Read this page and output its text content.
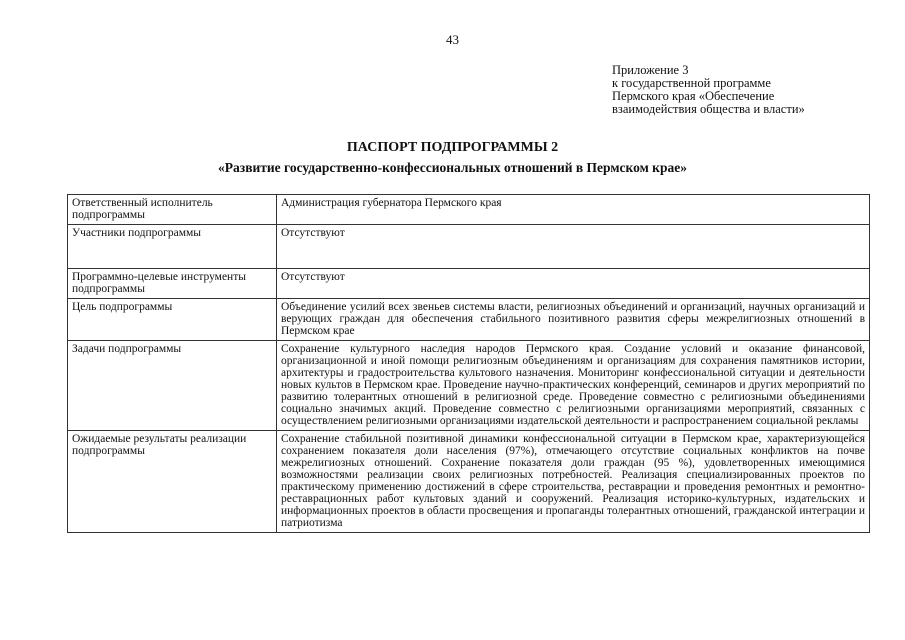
43
Приложение 3
к государственной программе
Пермского края «Обеспечение
взаимодействия общества и власти»
ПАСПОРТ ПОДПРОГРАММЫ 2
«Развитие государственно-конфессиональных отношений в Пермском крае»
Ответственный исполнитель подпрограммы	Администрация губернатора Пермского края
Участники подпрограммы	Отсутствуют
Программно-целевые инструменты подпрограммы	Отсутствуют
Цель подпрограммы	Объединение усилий всех звеньев системы власти, религиозных объединений и организаций, научных организаций и верующих граждан для обеспечения стабильного позитивного развития сферы межрелигиозных отношений в Пермском крае
Задачи подпрограммы	Сохранение культурного наследия народов Пермского края. Создание условий и оказание финансовой, организационной и иной помощи религиозным объединениям и организациям для сохранения памятников истории, архитектуры и градостроительства культового назначения. Мониторинг конфессиональной ситуации и деятельности новых культов в Пермском крае. Проведение научно-практических конференций, семинаров и других мероприятий по развитию толерантных отношений в религиозной среде. Проведение совместно с религиозными объединениями социально значимых акций. Проведение совместно с религиозными организациями мероприятий, связанных с осуществлением религиозными организациями издательской деятельности и распространением социальной рекламы
Ожидаемые результаты реализации подпрограммы	Сохранение стабильной позитивной динамики конфессиональной ситуации в Пермском крае, характеризующейся сохранением показателя доли населения (97%), отмечающего отсутствие социальных конфликтов на почве межрелигиозных отношений. Сохранение показателя доли граждан (95 %), удовлетворенных имеющимися возможностями реализации своих религиозных потребностей. Реализация специализированных проектов по практическому применению достижений в сфере строительства, реставрации и проведения ремонтных и ремонтно-реставрационных работ культовых зданий и сооружений. Реализация историко-культурных, издательских и информационных проектов в области просвещения и пропаганды толерантных отношений, гражданской интеграции и патриотизма
